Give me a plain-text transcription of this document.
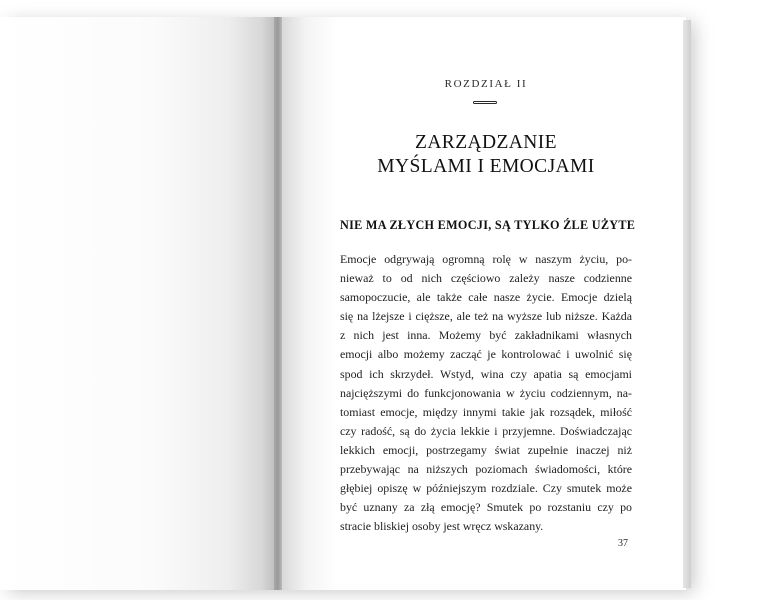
ROZDZIAŁ II
ZARZĄDZANIE
MYŚLAMI I EMOCJAMI
NIE MA ZŁYCH EMOCJI, SĄ TYLKO ŹLE UŻYTE
Emocje odgrywają ogromną rolę w naszym życiu, po-
nieważ to od nich częściowo zależy nasze codzienne
samopoczucie, ale także całe nasze życie. Emocje dzielą
się na lżejsze i cięższe, ale też na wyższe lub niższe. Każda
z nich jest inna. Możemy być zakładnikami własnych
emocji albo możemy zacząć je kontrolować i uwolnić się
spod ich skrzydeł. Wstyd, wina czy apatia są emocjami
najcięższymi do funkcjonowania w życiu codziennym, na-
tomiast emocje, między innymi takie jak rozsądek, miłość
czy radość, są do życia lekkie i przyjemne. Doświadczając
lekkich emocji, postrzegamy świat zupełnie inaczej niż
przebywając na niższych poziomach świadomości, które
głębiej opiszę w późniejszym rozdziale. Czy smutek może
być uznany za złą emocję? Smutek po rozstaniu czy po
stracie bliskiej osoby jest wręcz wskazany.
37
